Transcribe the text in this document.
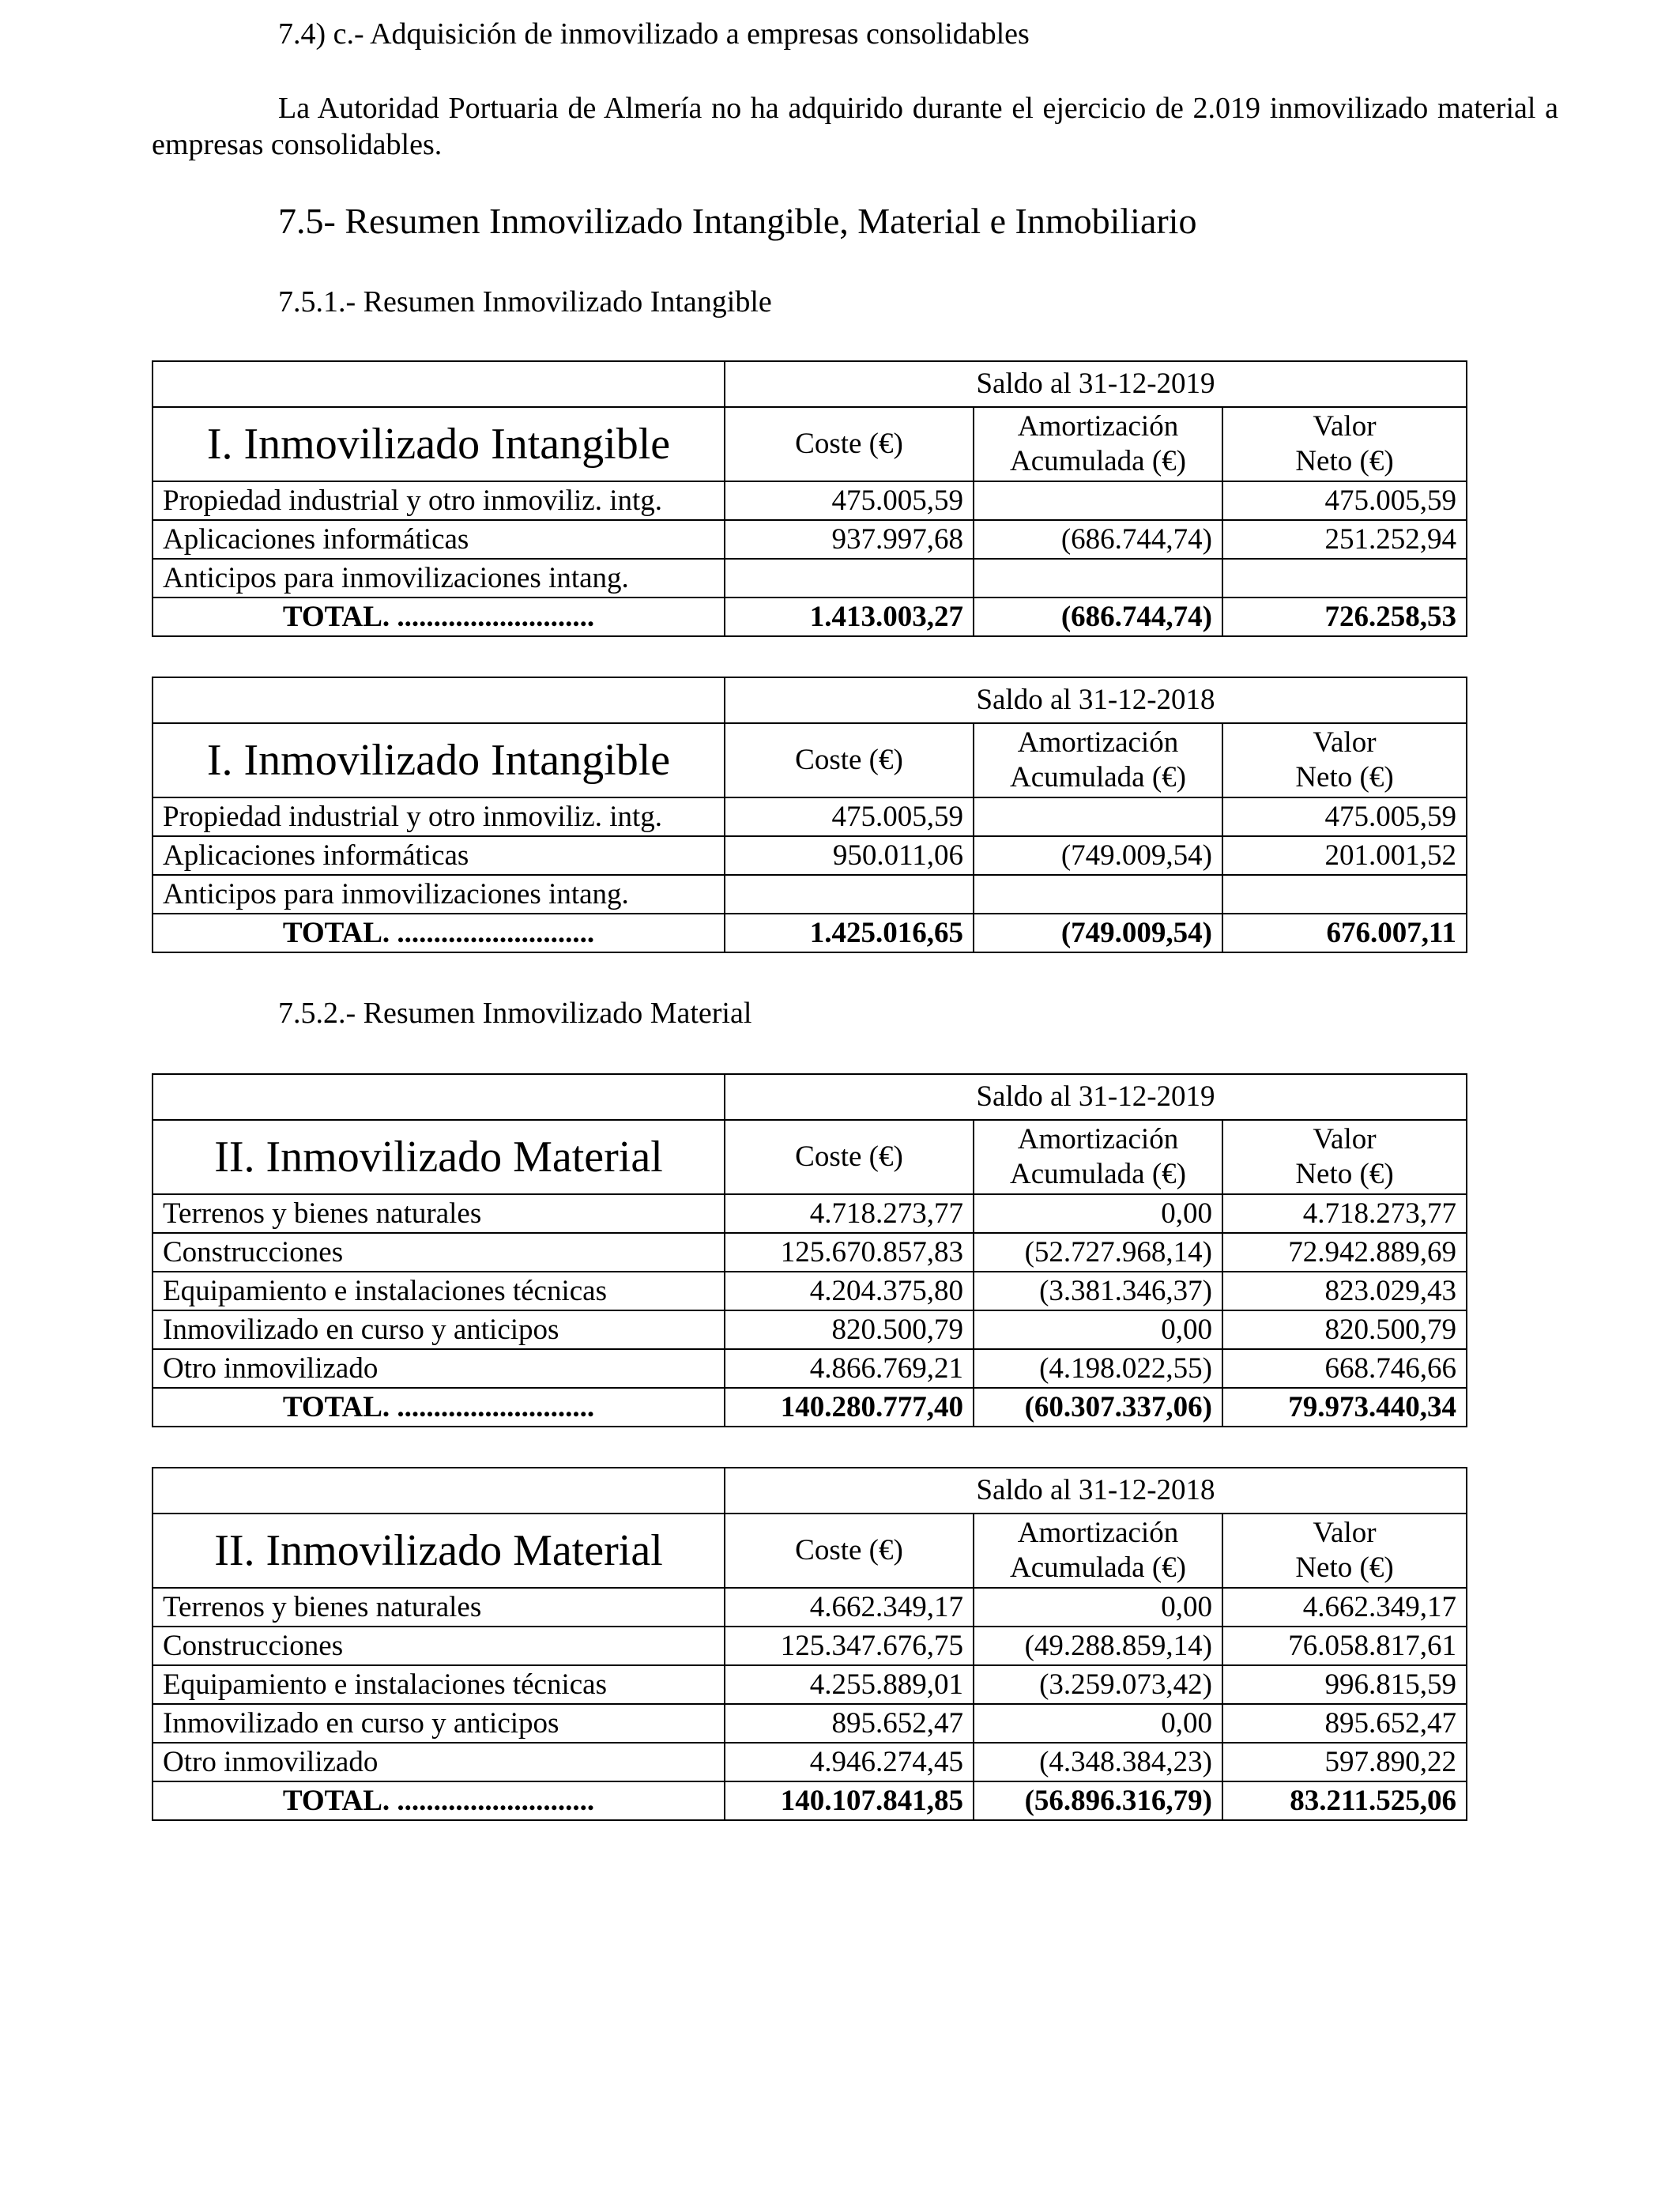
7.4) c.- Adquisición de inmovilizado a empresas consolidables
La Autoridad Portuaria de Almería no ha adquirido durante el ejercicio de 2.019 inmovilizado material a empresas consolidables.
7.5- Resumen Inmovilizado Intangible, Material e Inmobiliario
7.5.1.- Resumen Inmovilizado Intangible
	Saldo al 31-12-2019		
I. Inmovilizado Intangible	Coste (€)	Amortización
Acumulada (€)	Valor
Neto (€)

Propiedad industrial y otro inmoviliz. intg.	475.005,59		475.005,59
Aplicaciones informáticas	937.997,68	(686.744,74)	251.252,94
Anticipos para inmovilizaciones intang.			
TOTAL. ...........................	1.413.003,27	(686.744,74)	726.258,53
	Saldo al 31-12-2018		
I. Inmovilizado Intangible	Coste (€)	Amortización
Acumulada (€)	Valor
Neto (€)

Propiedad industrial y otro inmoviliz. intg.	475.005,59		475.005,59
Aplicaciones informáticas	950.011,06	(749.009,54)	201.001,52
Anticipos para inmovilizaciones intang.			
TOTAL. ...........................	1.425.016,65	(749.009,54)	676.007,11
7.5.2.- Resumen Inmovilizado Material
	Saldo al 31-12-2019		
II. Inmovilizado Material	Coste (€)	Amortización
Acumulada (€)	Valor
Neto (€)

Terrenos y bienes naturales	4.718.273,77	0,00	4.718.273,77
Construcciones	125.670.857,83	(52.727.968,14)	72.942.889,69
Equipamiento e instalaciones técnicas	4.204.375,80	(3.381.346,37)	823.029,43
Inmovilizado en curso y anticipos	820.500,79	0,00	820.500,79
Otro inmovilizado	4.866.769,21	(4.198.022,55)	668.746,66
TOTAL. ...........................	140.280.777,40	(60.307.337,06)	79.973.440,34
	Saldo al 31-12-2018		
II. Inmovilizado Material	Coste (€)	Amortización
Acumulada (€)	Valor
Neto (€)

Terrenos y bienes naturales	4.662.349,17	0,00	4.662.349,17
Construcciones	125.347.676,75	(49.288.859,14)	76.058.817,61
Equipamiento e instalaciones técnicas	4.255.889,01	(3.259.073,42)	996.815,59
Inmovilizado en curso y anticipos	895.652,47	0,00	895.652,47
Otro inmovilizado	4.946.274,45	(4.348.384,23)	597.890,22
TOTAL. ...........................	140.107.841,85	(56.896.316,79)	83.211.525,06
